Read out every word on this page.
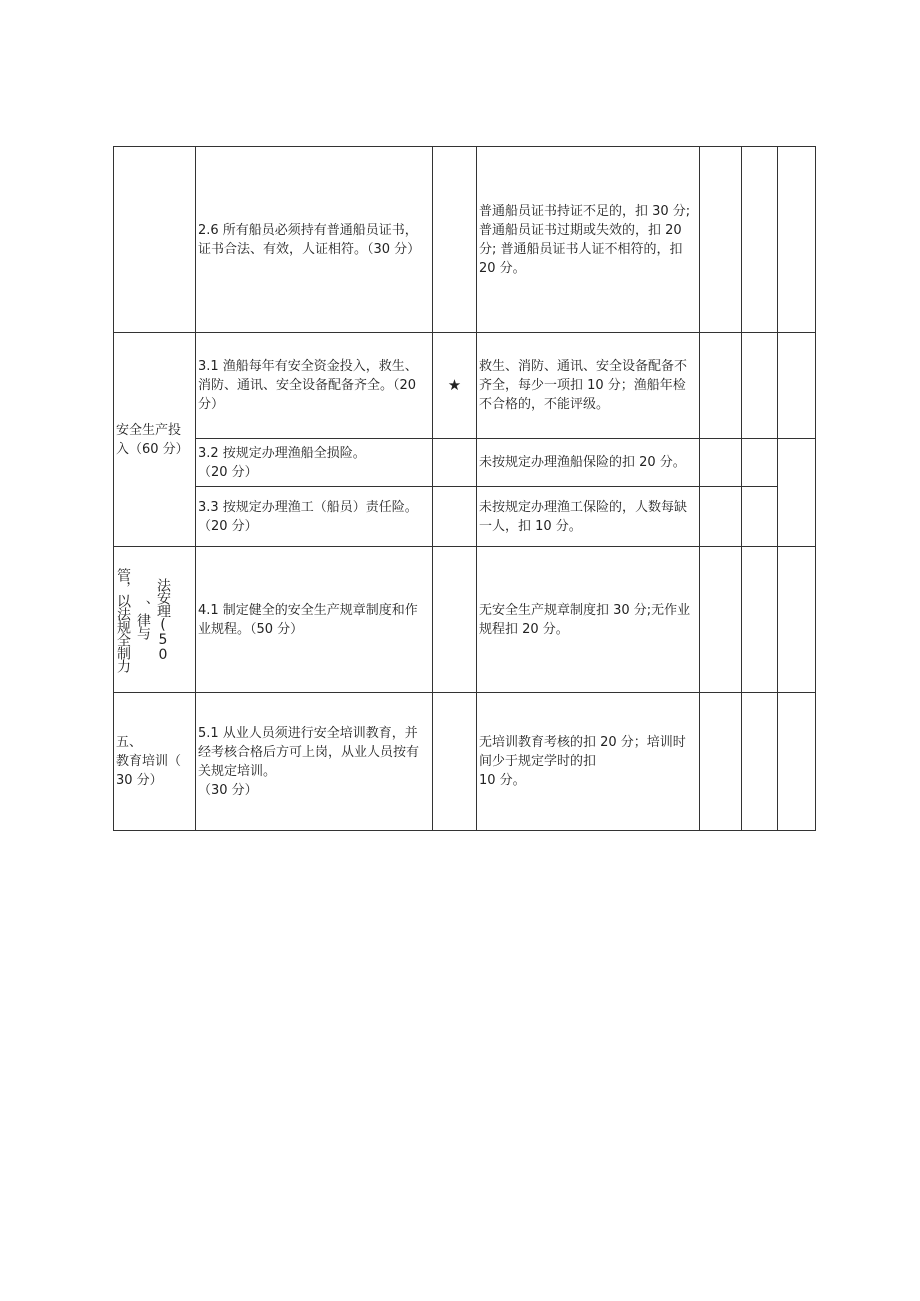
	2.6 所有船员必须持有普通船员证书，证书合法、有效，人证相符。（30 分）		普通船员证书持证不足的，扣 30 分;
普通船员证书过期或失效的，扣 20
分; 普通船员证书人证不相符的，扣
20 分。			
安全生产投入（60 分）	3.1 渔船每年有安全资金投入，救生、消防、通讯、安全设备配备齐全。（20 分）	★	救生、消防、通讯、安全设备配备不齐全，每少一项扣 10 分；渔船年检不合格的，不能评级。			
	3.2 按规定办理渔船全损险。
（20 分）		未按规定办理渔船保险的扣 20 分。			
	3.3 按规定办理渔工（船员）责任险。（20 分）		未按规定办理渔工保险的，人数每缺一人，扣 10 分。			

法安理(50
、律与
管，以法规全制力	4.1 制定健全的安全生产规章制度和作业规程。（50 分）		无安全生产规章制度扣 30 分;无作业规程扣 20 分。			
五、
教育培训（
30 分）	5.1 从业人员须进行安全培训教育，并经考核合格后方可上岗，从业人员按有关规定培训。
（30 分）		无培训教育考核的扣 20 分；培训时间少于规定学时的扣
10 分。			
